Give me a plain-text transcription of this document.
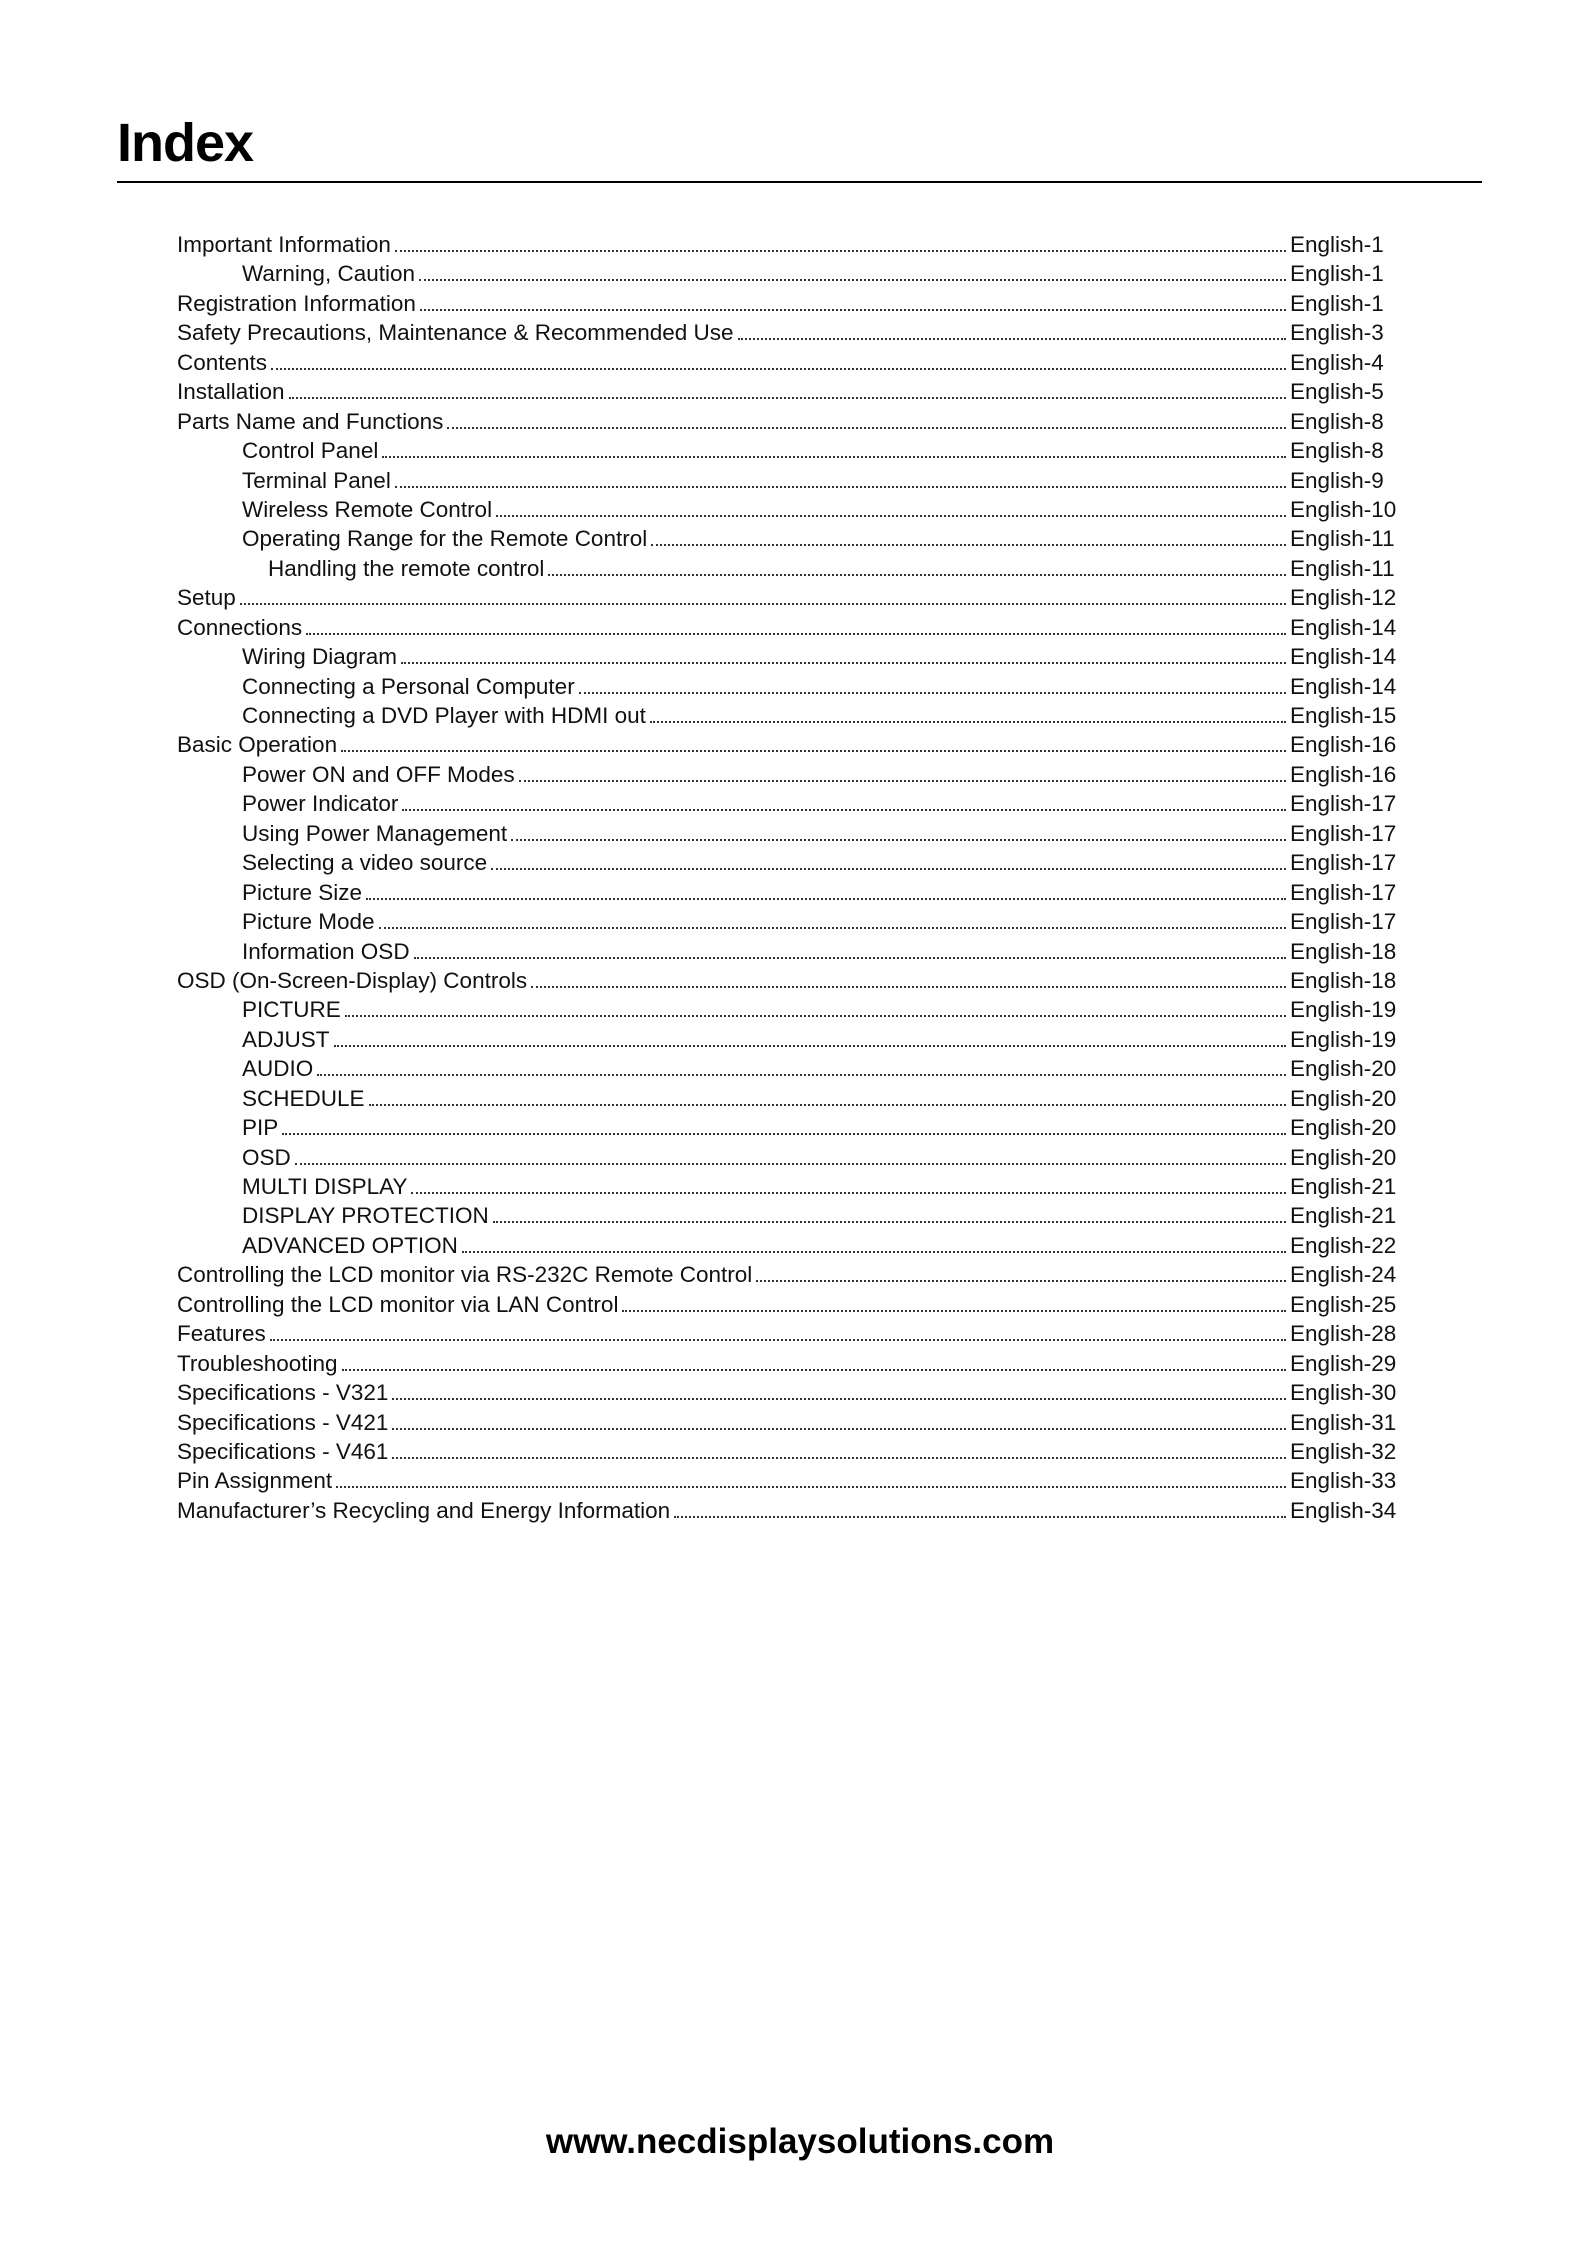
Index
Important Information	English-1
Warning, Caution	English-1
Registration Information	English-1
Safety Precautions, Maintenance & Recommended Use	English-3
Contents	English-4
Installation	English-5
Parts Name and Functions	English-8
Control Panel	English-8
Terminal Panel	English-9
Wireless Remote Control	English-10
Operating Range for the Remote Control	English-11
Handling the remote control	English-11
Setup	English-12
Connections	English-14
Wiring Diagram	English-14
Connecting a Personal Computer	English-14
Connecting a DVD Player with HDMI out	English-15
Basic Operation	English-16
Power ON and OFF Modes	English-16
Power Indicator	English-17
Using Power Management	English-17
Selecting a video source	English-17
Picture Size	English-17
Picture Mode	English-17
Information OSD	English-18
OSD (On-Screen-Display) Controls	English-18
PICTURE	English-19
ADJUST	English-19
AUDIO	English-20
SCHEDULE	English-20
PIP	English-20
OSD	English-20
MULTI DISPLAY	English-21
DISPLAY PROTECTION	English-21
ADVANCED OPTION	English-22
Controlling the LCD monitor via RS-232C Remote Control	English-24
Controlling the LCD monitor via LAN Control	English-25
Features	English-28
Troubleshooting	English-29
Specifications - V321	English-30
Specifications - V421	English-31
Specifications - V461	English-32
Pin Assignment	English-33
Manufacturer’s Recycling and Energy Information	English-34
www.necdisplaysolutions.com
